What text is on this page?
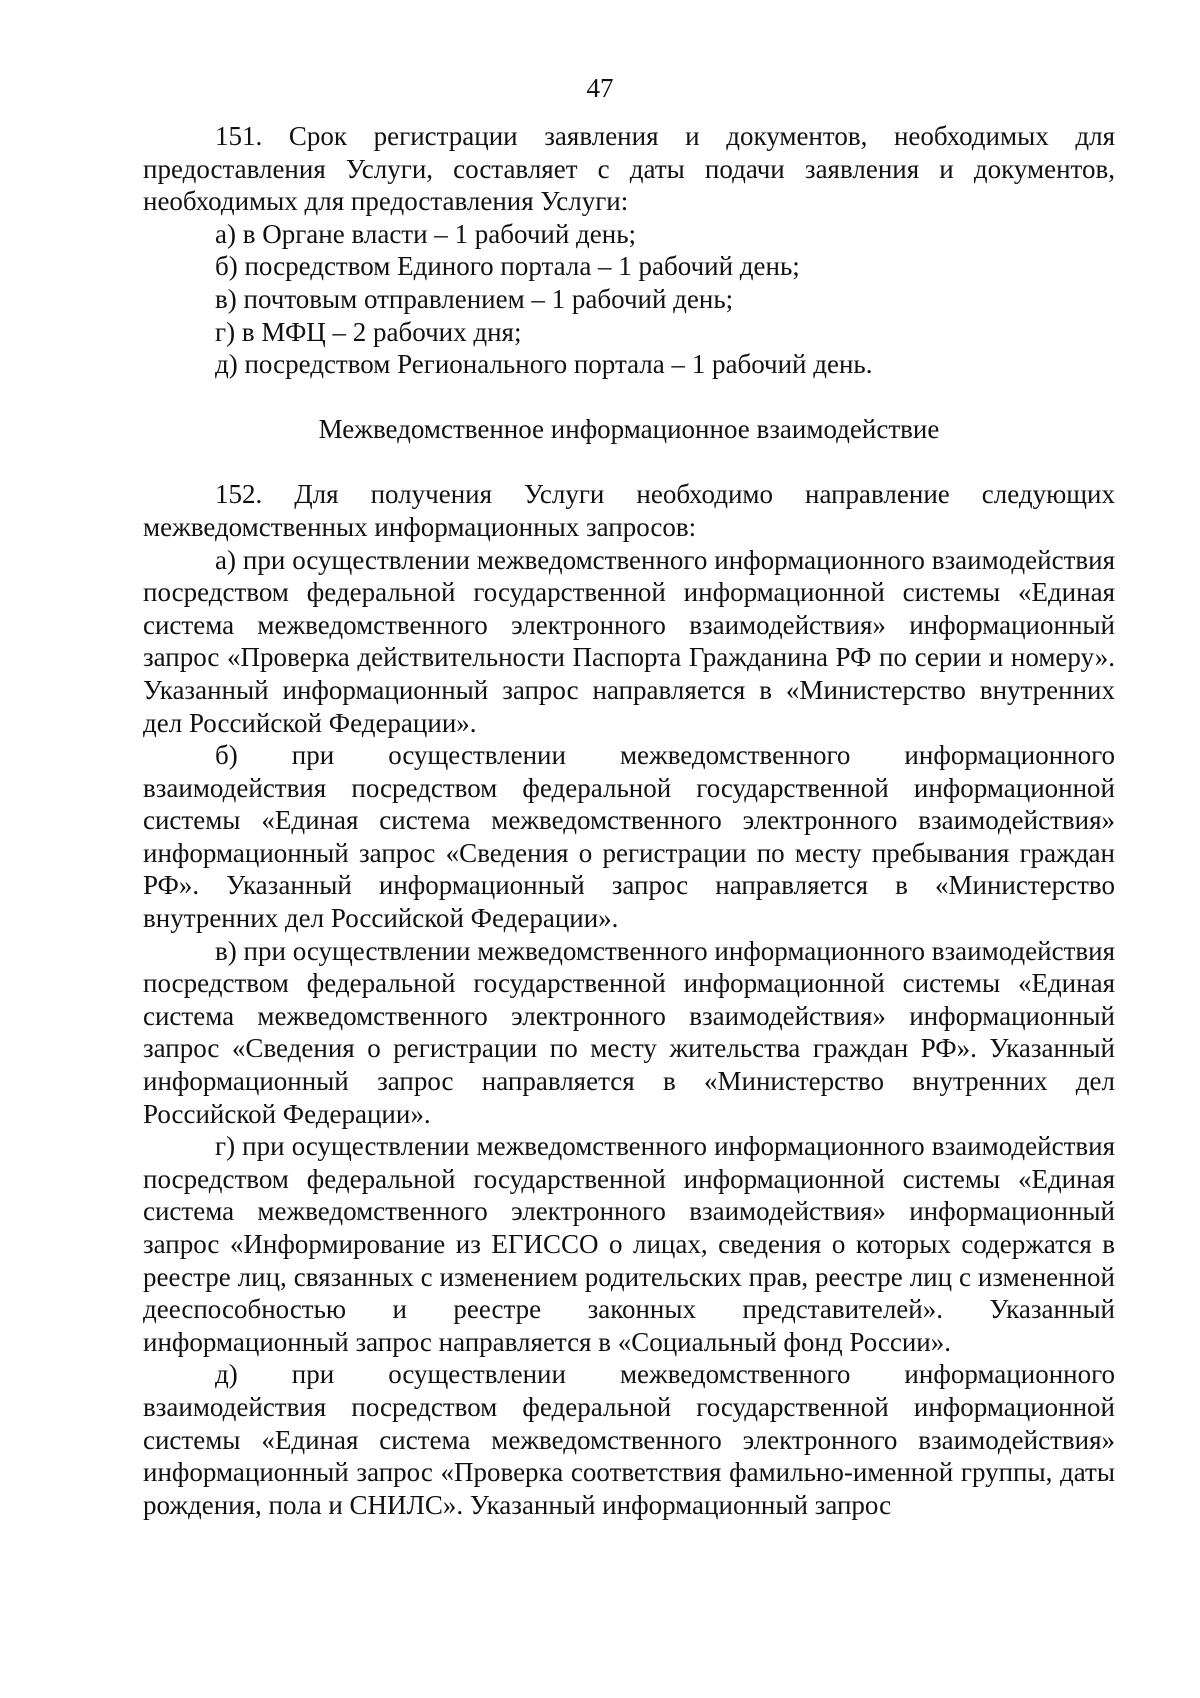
47

151. Срок регистрации заявления и документов, необходимых для предоставления Услуги, составляет с даты подачи заявления и документов, необходимых для предоставления Услуги:

а) в Органе власти – 1 рабочий день;

б) посредством Единого портала – 1 рабочий день;

в) почтовым отправлением – 1 рабочий день;

г) в МФЦ – 2 рабочих дня;

д) посредством Регионального портала – 1 рабочий день.

Межведомственное информационное взаимодействие

152. Для получения Услуги необходимо направление следующих межведомственных информационных запросов:

а) при осуществлении межведомственного информационного взаимодействия посредством федеральной государственной информационной системы «Единая система межведомственного электронного взаимодействия» информационный запрос «Проверка действительности Паспорта Гражданина РФ по серии и номеру». Указанный информационный запрос направляется в «Министерство внутренних дел Российской Федерации».

б) при осуществлении межведомственного информационного взаимодействия посредством федеральной государственной информационной системы «Единая система межведомственного электронного взаимодействия» информационный запрос «Сведения о регистрации по месту пребывания граждан РФ». Указанный информационный запрос направляется в «Министерство внутренних дел Российской Федерации».

в) при осуществлении межведомственного информационного взаимодействия посредством федеральной государственной информационной системы «Единая система межведомственного электронного взаимодействия» информационный запрос «Сведения о регистрации по месту жительства граждан РФ». Указанный информационный запрос направляется в «Министерство внутренних дел Российской Федерации».

г) при осуществлении межведомственного информационного взаимодействия посредством федеральной государственной информационной системы «Единая система межведомственного электронного взаимодействия» информационный запрос «Информирование из ЕГИССО о лицах, сведения о которых содержатся в реестре лиц, связанных с изменением родительских прав, реестре лиц с измененной дееспособностью и реестре законных представителей». Указанный информационный запрос направляется в «Социальный фонд России».

д) при осуществлении межведомственного информационного взаимодействия посредством федеральной государственной информационной системы «Единая система межведомственного электронного взаимодействия» информационный запрос «Проверка соответствия фамильно-именной группы, даты рождения, пола и СНИЛС». Указанный информационный запрос
